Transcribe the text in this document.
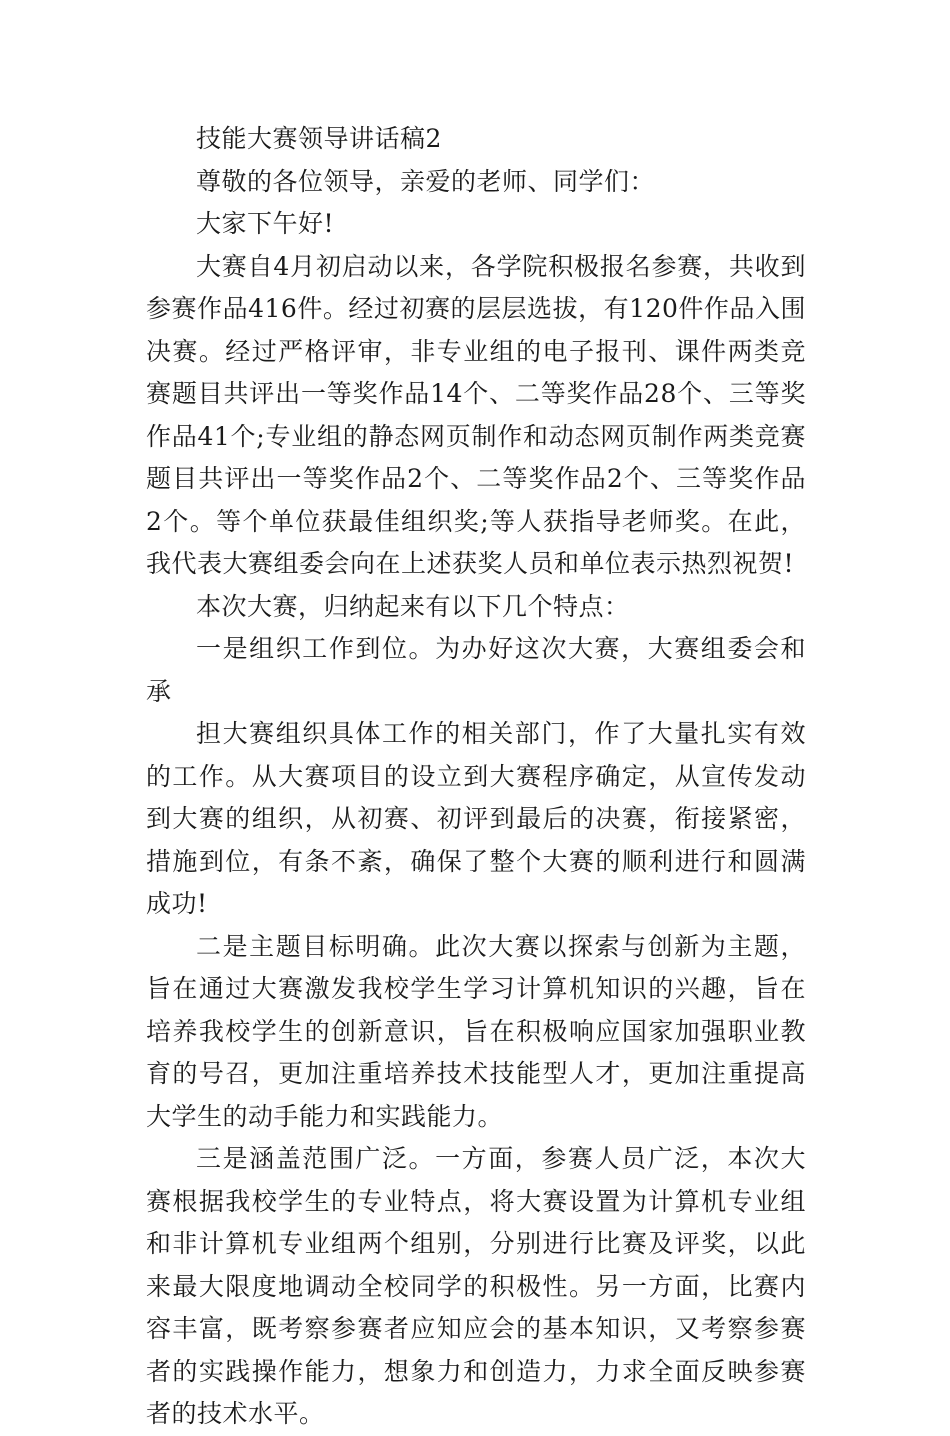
技能大赛领导讲话稿2

尊敬的各位领导，亲爱的老师、同学们：

大家下午好!

大赛自4月初启动以来，各学院积极报名参赛，共收到参赛作品416件。经过初赛的层层选拔，有120件作品入围决赛。经过严格评审，非专业组的电子报刊、课件两类竞赛题目共评出一等奖作品14个、二等奖作品28个、三等奖作品41个;专业组的静态网页制作和动态网页制作两类竞赛题目共评出一等奖作品2个、二等奖作品2个、三等奖作品2个。等个单位获最佳组织奖;等人获指导老师奖。在此，我代表大赛组委会向在上述获奖人员和单位表示热烈祝贺!

本次大赛，归纳起来有以下几个特点：

一是组织工作到位。为办好这次大赛，大赛组委会和承

担大赛组织具体工作的相关部门，作了大量扎实有效的工作。从大赛项目的设立到大赛程序确定，从宣传发动到大赛的组织，从初赛、初评到最后的决赛，衔接紧密，措施到位，有条不紊，确保了整个大赛的顺利进行和圆满成功!

二是主题目标明确。此次大赛以探索与创新为主题，旨在通过大赛激发我校学生学习计算机知识的兴趣，旨在培养我校学生的创新意识，旨在积极响应国家加强职业教育的号召，更加注重培养技术技能型人才，更加注重提高大学生的动手能力和实践能力。

三是涵盖范围广泛。一方面，参赛人员广泛，本次大赛根据我校学生的专业特点，将大赛设置为计算机专业组和非计算机专业组两个组别，分别进行比赛及评奖，以此来最大限度地调动全校同学的积极性。另一方面，比赛内容丰富，既考察参赛者应知应会的基本知识，又考察参赛者的实践操作能力，想象力和创造力，力求全面反映参赛者的技术水平。
